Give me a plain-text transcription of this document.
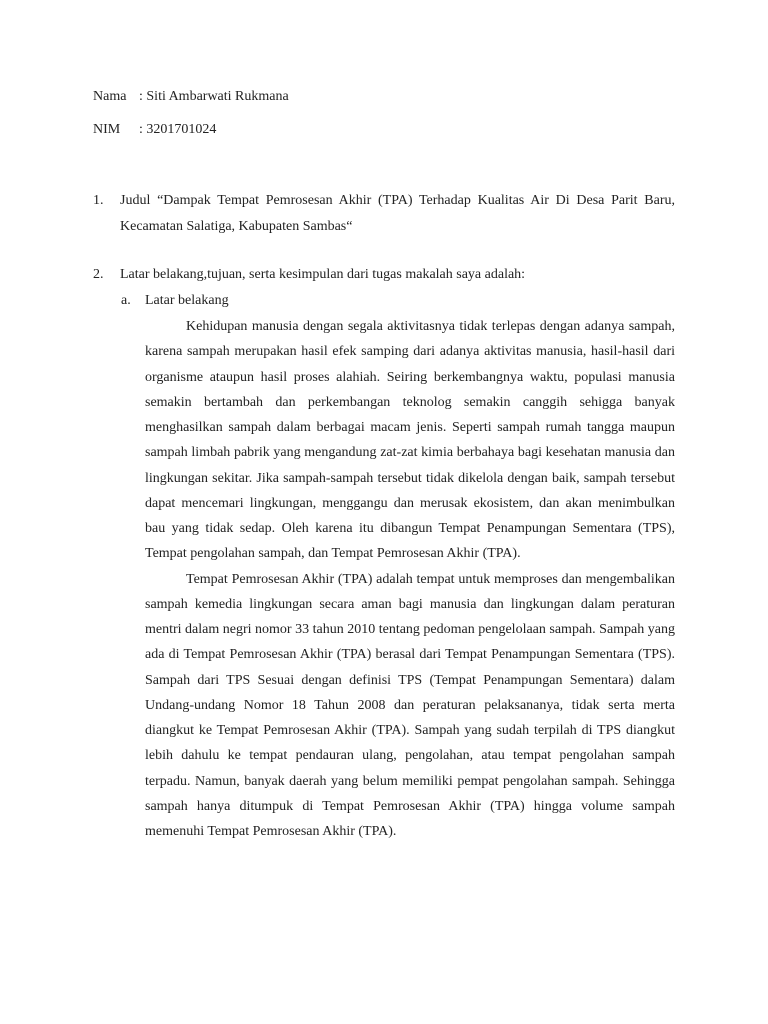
Nama : Siti Ambarwati Rukmana
NIM : 3201701024
1. Judul “Dampak Tempat Pemrosesan Akhir (TPA) Terhadap Kualitas Air Di Desa Parit Baru, Kecamatan Salatiga, Kabupaten Sambas“
2. Latar belakang,tujuan, serta kesimpulan dari tugas makalah saya adalah:
a. Latar belakang

Kehidupan manusia dengan segala aktivitasnya tidak terlepas dengan adanya sampah, karena sampah merupakan hasil efek samping dari adanya aktivitas manusia, hasil-hasil dari organisme ataupun hasil proses alahiah. Seiring berkembangnya waktu, populasi manusia semakin bertambah dan perkembangan teknolog semakin canggih sehigga banyak menghasilkan sampah dalam berbagai macam jenis. Seperti sampah rumah tangga maupun sampah limbah pabrik yang mengandung zat-zat kimia berbahaya bagi kesehatan manusia dan lingkungan sekitar. Jika sampah-sampah tersebut tidak dikelola dengan baik, sampah tersebut dapat mencemari lingkungan, menggangu dan merusak ekosistem, dan akan menimbulkan bau yang tidak sedap. Oleh karena itu dibangun Tempat Penampungan Sementara (TPS), Tempat pengolahan sampah, dan Tempat Pemrosesan Akhir (TPA).

Tempat Pemrosesan Akhir (TPA) adalah tempat untuk memproses dan mengembalikan sampah kemedia lingkungan secara aman bagi manusia dan lingkungan dalam peraturan mentri dalam negri nomor 33 tahun 2010 tentang pedoman pengelolaan sampah. Sampah yang ada di Tempat Pemrosesan Akhir (TPA) berasal dari Tempat Penampungan Sementara (TPS). Sampah dari TPS Sesuai dengan definisi TPS (Tempat Penampungan Sementara) dalam Undang-undang Nomor 18 Tahun 2008 dan peraturan pelaksananya, tidak serta merta diangkut ke Tempat Pemrosesan Akhir (TPA). Sampah yang sudah terpilah di TPS diangkut lebih dahulu ke tempat pendauran ulang, pengolahan, atau tempat pengolahan sampah terpadu. Namun, banyak daerah yang belum memiliki pempat pengolahan sampah. Sehingga sampah hanya ditumpuk di Tempat Pemrosesan Akhir (TPA) hingga volume sampah memenuhi Tempat Pemrosesan Akhir (TPA).
